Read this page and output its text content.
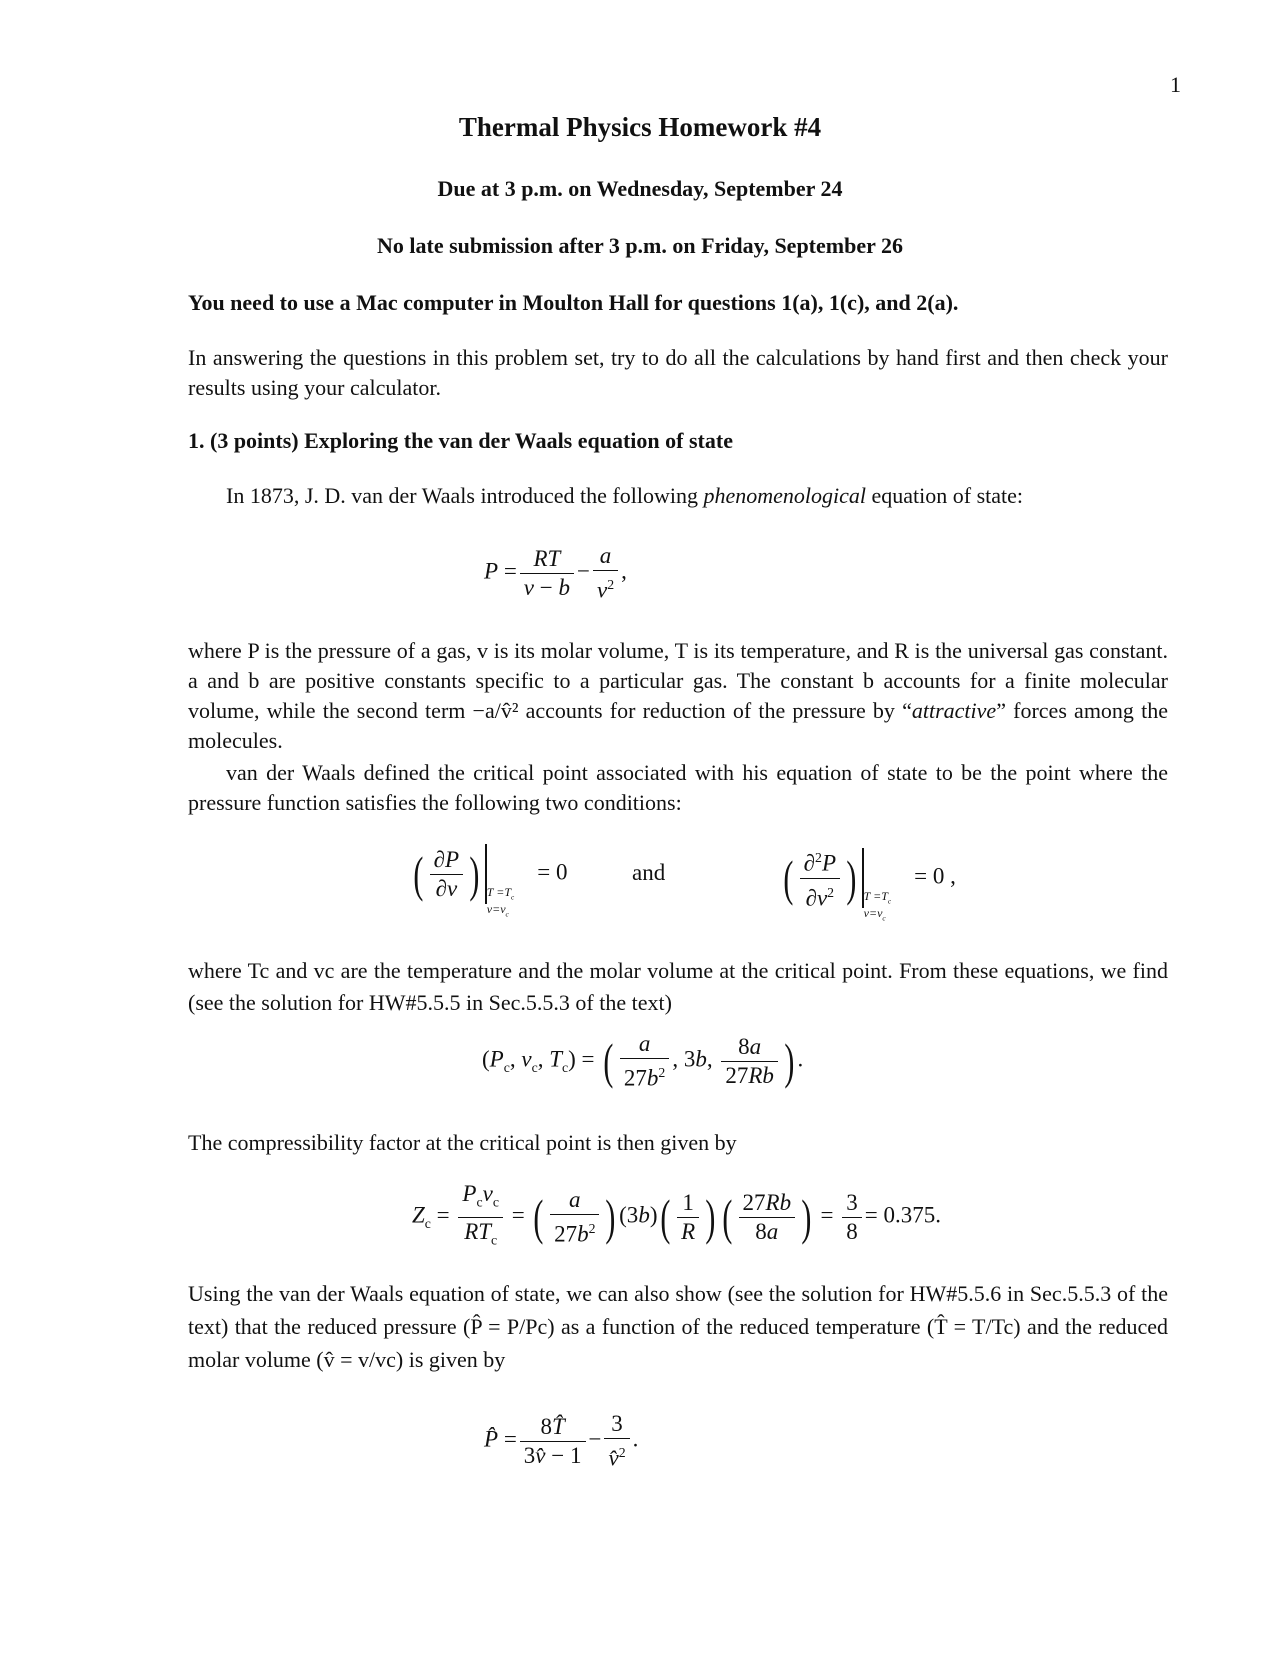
1
Thermal Physics Homework #4
Due at 3 p.m. on Wednesday, September 24
No late submission after 3 p.m. on Friday, September 26
You need to use a Mac computer in Moulton Hall for questions 1(a), 1(c), and 2(a).
In answering the questions in this problem set, try to do all the calculations by hand first and then check your results using your calculator.
1. (3 points) Exploring the van der Waals equation of state
In 1873, J. D. van der Waals introduced the following phenomenological equation of state:
$P = \frac{RT}{v - b} - \frac{a}{v^2}$ ,
where P is the pressure of a gas, v is its molar volume, T is its temperature, and R is the universal gas constant. a and b are positive constants specific to a particular gas. The constant b accounts for a finite molecular volume, while the second term −a/v̂² accounts for reduction of the pressure by “attractive” forces among the molecules.
van der Waals defined the critical point associated with his equation of state to be the point where the pressure function satisfies the following two conditions:
( $\frac{\partial P}{\partial v}$ ) $T =T_c$
$v=v_c$    = 0	and ( $\frac{\partial^2P}{\partial v^2}$ ) $T =T_c$
$v=v_c$    = 0 ,
where Tc and vc are the temperature and the molar volume at the critical point. From these equations, we find (see the solution for HW#5.5.5 in Sec.5.5.3 of the text)
($P_c$, $v_c$, $T_c$) = ( $\frac{a}{27b^2}$ , 3b, $\frac{8a}{27Rb}$ ) .
The compressibility factor at the critical point is then given by
$Z_c = \frac{P_cv_c}{RT_c}$ = ( $\frac{a}{27b^2}$ ) $(3b)( \frac{1}{R}$ ) ( $\frac{27Rb}{8a}$ ) = $\frac{3}{8} = 0.375$.
Using the van der Waals equation of state, we can also show (see the solution for HW#5.5.6 in Sec.5.5.3 of the text) that the reduced pressure (P̂ = P/Pc) as a function of the reduced temperature (T̂ = T/Tc) and the reduced molar volume (v̂ = v/vc) is given by
P̂ = $\frac{8T̂}{3v̂ - 1} - \frac{3}{v̂^2}$ .
